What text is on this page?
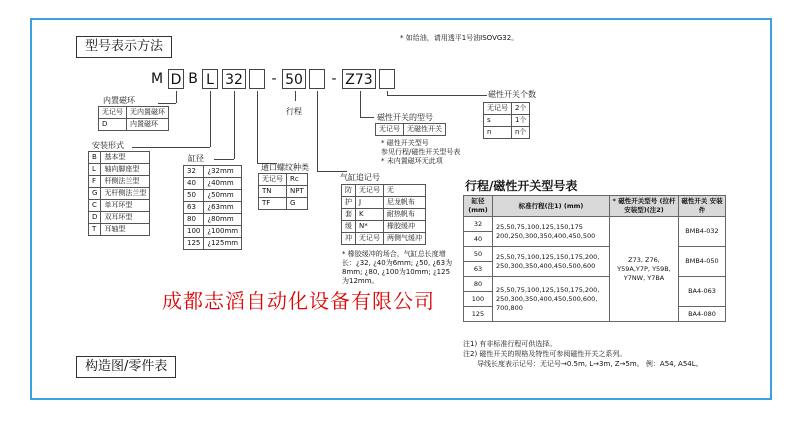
型号表示方法
* 如给油，请用透平1号油ISOVG32。
M D B L 32	- 50	- Z73
内置磁环
无记号	无内置磁环
D	内置磁环
安装形式
B	基本型
L	轴向脚座型
F	杆侧法兰型
G	无杆侧法兰型
C	单耳环型
D	双耳环型
T	耳轴型
缸径
32	¿32mm
40	¿40mm
50	¿50mm
63	¿63mm
80	¿80mm
100	¿100mm
125	¿125mm
通口螺纹种类
无记号	Rc
TN	NPT
TF	G
行程
气缸追记号
防	无记号	无
护	J	尼龙帆布
套	K	耐热帆布
缓	N*	橡胶缓冲
冲	无记号	两侧气缓冲
* 橡胶缓冲的场合，气缸总长度增
长：¿32, ¿40为6mm; ¿50, ¿63为
8mm; ¿80, ¿100为10mm; ¿125
为12mm。
磁性开关的型号
无记号	无磁性开关
* 磁性开关型号
参见行程/磁性开关型号表
* 未内置磁环无此项
磁性开关个数
无记号	2个
s	1个
n	n个
行程/磁性开关型号表
缸径 (mm)	标准行程(注1) (mm)	* 磁性开关型号 (拉杆安装型)(注2)	磁性开关 安装件
32	25,50,75,100,125,150,175 200,250,300,350,400,450,500	Z73, Z76, Y59A,Y7P, Y59B, Y7NW, Y7BA	BMB4-032
40			
50	25,50,75,100,125,150,175,200, 250,300,350,400,450,500,600		BMB4-050
63			
80	25,50,75,100,125,150,175,200, 250,300,350,400,450,500,600, 700,800		BA4-063
100			
125			BA4-080
注1) 有非标准行程可供选择。
注2) 磁性开关的规格及特性可参阅磁性开关之系列。
导线长度表示记号：无记号→0.5m, L→3m, Z→5m。 例：A54, A54L。
成都志滔自动化设备有限公司
构造图/零件表
